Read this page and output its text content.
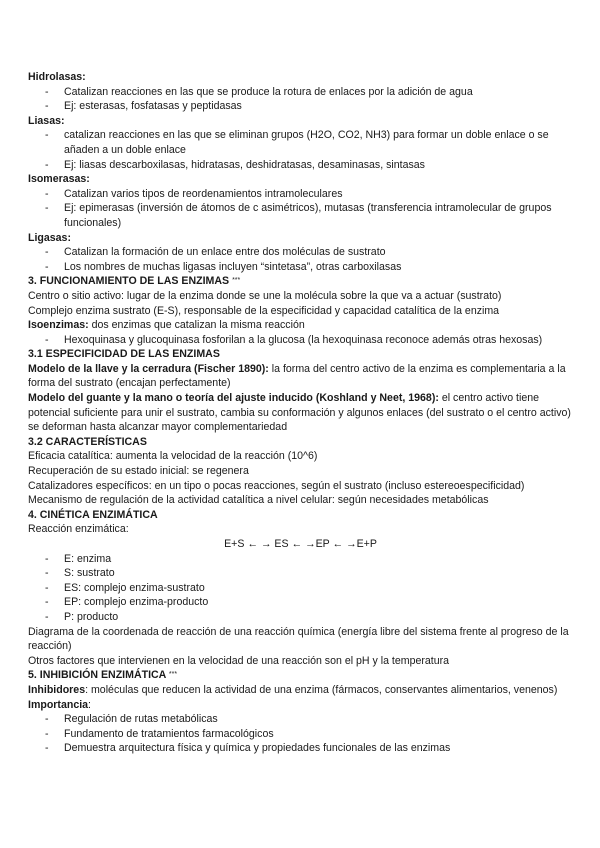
Hidrolasas:

- Catalizan reacciones en las que se produce la rotura de enlaces por la adición de agua

- Ej: esterasas, fosfatasas y peptidasas

Liasas:

- catalizan reacciones en las que se eliminan grupos (H2O, CO2, NH3) para formar un doble enlace o se añaden a un doble enlace

- Ej: liasas descarboxilasas, hidratasas, deshidratasas, desaminasas, sintasas

Isomerasas:

- Catalizan varios tipos de reordenamientos intramoleculares

- Ej: epimerasas (inversión de átomos de c asimétricos), mutasas (transferencia intramolecular de grupos funcionales)

Ligasas:

- Catalizan la formación de un enlace entre dos moléculas de sustrato

- Los nombres de muchas ligasas incluyen “sintetasa”, otras carboxilasas

3. FUNCIONAMIENTO DE LAS ENZIMAS ***

Centro o sitio activo: lugar de la enzima donde se une la molécula sobre la que va a actuar (sustrato)

Complejo enzima sustrato (E-S), responsable de la especificidad y capacidad catalítica de la enzima

Isoenzimas: dos enzimas que catalizan la misma reacción

- Hexoquinasa y glucoquinasa fosforilan a la glucosa (la hexoquinasa reconoce además otras hexosas)

3.1 ESPECIFICIDAD DE LAS ENZIMAS

Modelo de la llave y la cerradura (Fischer 1890): la forma del centro activo de la enzima es complementaria a la forma del sustrato (encajan perfectamente)

Modelo del guante y la mano o teoría del ajuste inducido (Koshland y Neet, 1968): el centro activo tiene potencial suficiente para unir el sustrato, cambia su conformación y algunos enlaces (del sustrato o el centro activo) se deforman hasta alcanzar mayor complementariedad

3.2 CARACTERÍSTICAS

Eficacia catalítica: aumenta la velocidad de la reacción (10^6)

Recuperación de su estado inicial: se regenera

Catalizadores específicos: en un tipo o pocas reacciones, según el sustrato (incluso estereoespecificidad)

Mecanismo de regulación de la actividad catalítica a nivel celular: según necesidades metabólicas

4. CINÉTICA ENZIMÁTICA

Reacción enzimática:

E+S ← → ES ← →EP ← →E+P

- E: enzima

- S: sustrato

- ES: complejo enzima-sustrato

- EP: complejo enzima-producto

- P: producto

Diagrama de la coordenada de reacción de una reacción química (energía libre del sistema frente al progreso de la reacción)

Otros factores que intervienen en la velocidad de una reacción son el pH y la temperatura

5. INHIBICIÓN ENZIMÁTICA ***

Inhibidores: moléculas que reducen la actividad de una enzima (fármacos, conservantes alimentarios, venenos)

Importancia:

- Regulación de rutas metabólicas

- Fundamento de tratamientos farmacológicos

- Demuestra arquitectura física y química y propiedades funcionales de las enzimas
